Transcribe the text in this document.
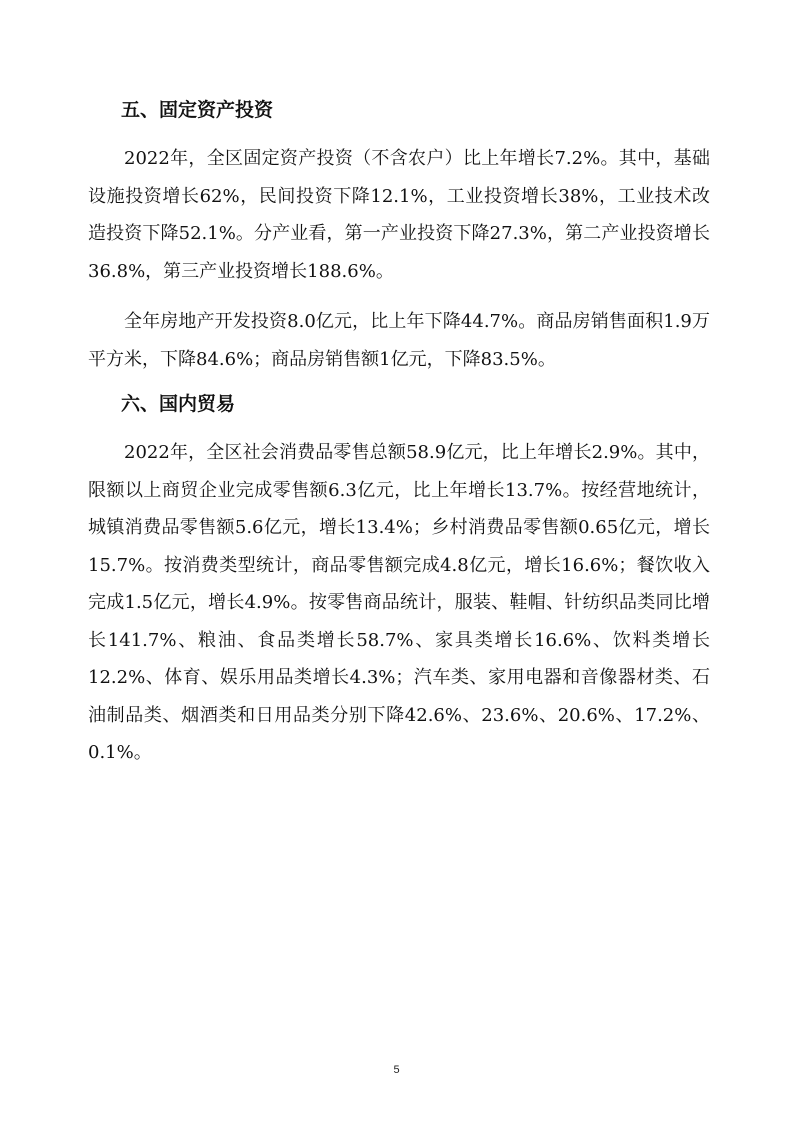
五、固定资产投资
2022年，全区固定资产投资（不含农户）比上年增长7.2%。其中，基础设施投资增长62%，民间投资下降12.1%，工业投资增长38%，工业技术改造投资下降52.1%。分产业看，第一产业投资下降27.3%，第二产业投资增长36.8%，第三产业投资增长188.6%。
全年房地产开发投资8.0亿元，比上年下降44.7%。商品房销售面积1.9万平方米，下降84.6%；商品房销售额1亿元，下降83.5%。
六、国内贸易
2022年，全区社会消费品零售总额58.9亿元，比上年增长2.9%。其中，限额以上商贸企业完成零售额6.3亿元，比上年增长13.7%。按经营地统计，城镇消费品零售额5.6亿元，增长13.4%；乡村消费品零售额0.65亿元，增长15.7%。按消费类型统计，商品零售额完成4.8亿元，增长16.6%；餐饮收入完成1.5亿元，增长4.9%。按零售商品统计，服装、鞋帽、针纺织品类同比增长141.7%、粮油、食品类增长58.7%、家具类增长16.6%、饮料类增长12.2%、体育、娱乐用品类增长4.3%；汽车类、家用电器和音像器材类、石油制品类、烟酒类和日用品类分别下降42.6%、23.6%、20.6%、17.2%、0.1%。
5
